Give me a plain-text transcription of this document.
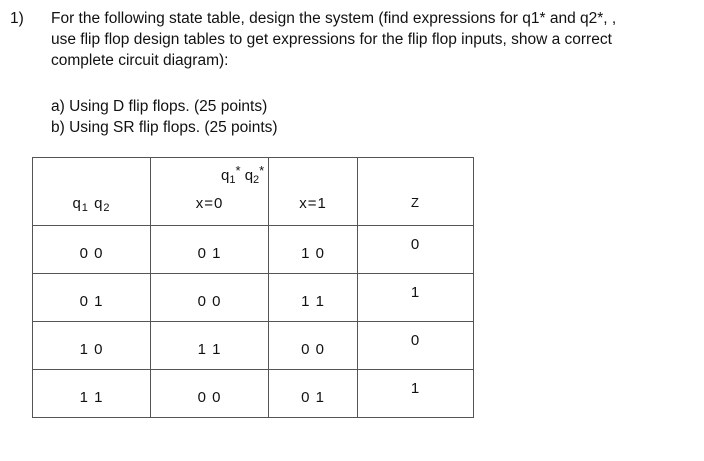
1) For the following state table, design the system (find expressions for q1* and q2*, ,

use flip flop design tables to get expressions for the flip flop inputs, show a correct

complete circuit diagram):

a) Using D flip flops. (25 points)
b) Using SR flip flops. (25 points)
$q_1$ $q_2$	x=0	x=1	Z

0 0	0 1	1 0	0

0 1	0 0	1 1	1

1 0	1 1	0 0	0

1 1	0 0	0 1	1
$q_1*$ $q_2*$
